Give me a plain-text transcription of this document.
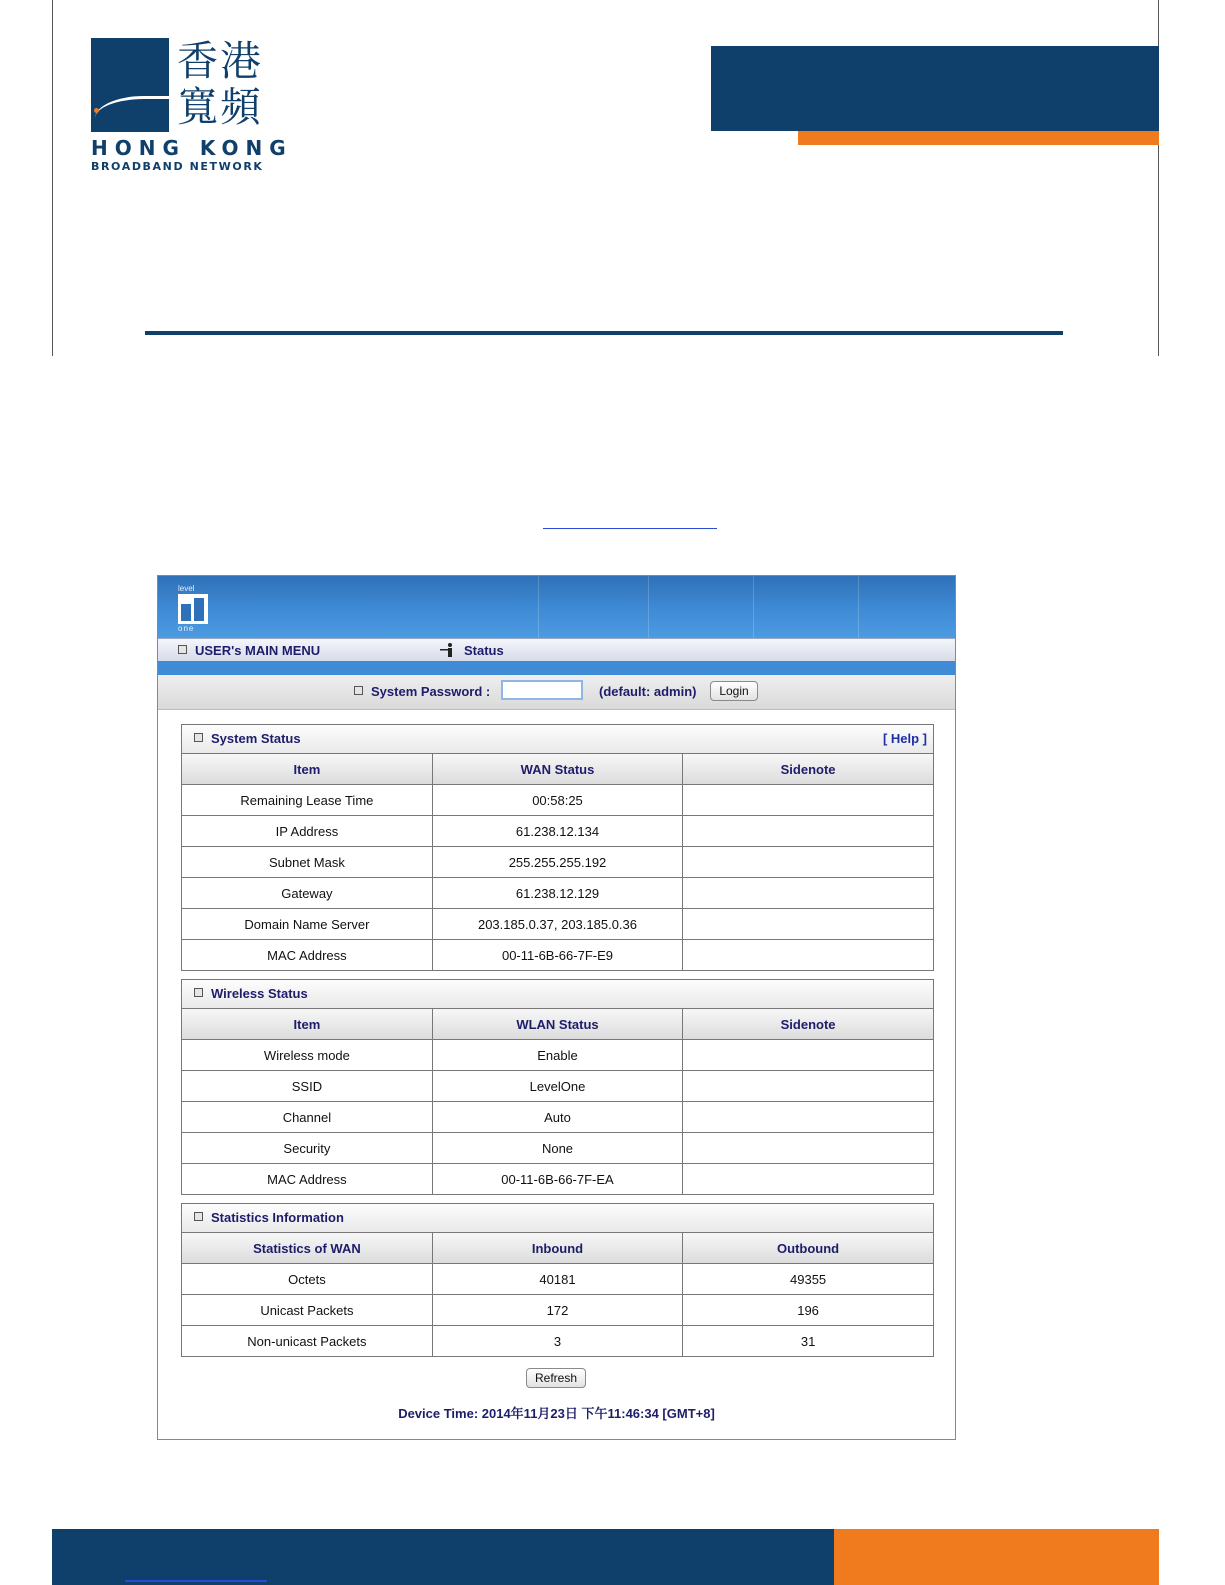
香港
寬頻
HONG KONG
BROADBAND NETWORK
level
one
USER's MAIN MENU	Status
System Password :	(default: admin)	Login
System Status	[ Help ]
Item	WAN Status	Sidenote
Remaining Lease Time	00:58:25	
IP Address	61.238.12.134	
Subnet Mask	255.255.255.192	
Gateway	61.238.12.129	
Domain Name Server	203.185.0.37, 203.185.0.36	
MAC Address	00-11-6B-66-7F-E9	
Wireless Status
Item	WLAN Status	Sidenote
Wireless mode	Enable	
SSID	LevelOne	
Channel	Auto	
Security	None	
MAC Address	00-11-6B-66-7F-EA	
Statistics Information
Statistics of WAN	Inbound	Outbound
Octets	40181	49355
Unicast Packets	172	196
Non-unicast Packets	3	31
Refresh
Device Time: 2014年11月23日 下午11:46:34 [GMT+8]
